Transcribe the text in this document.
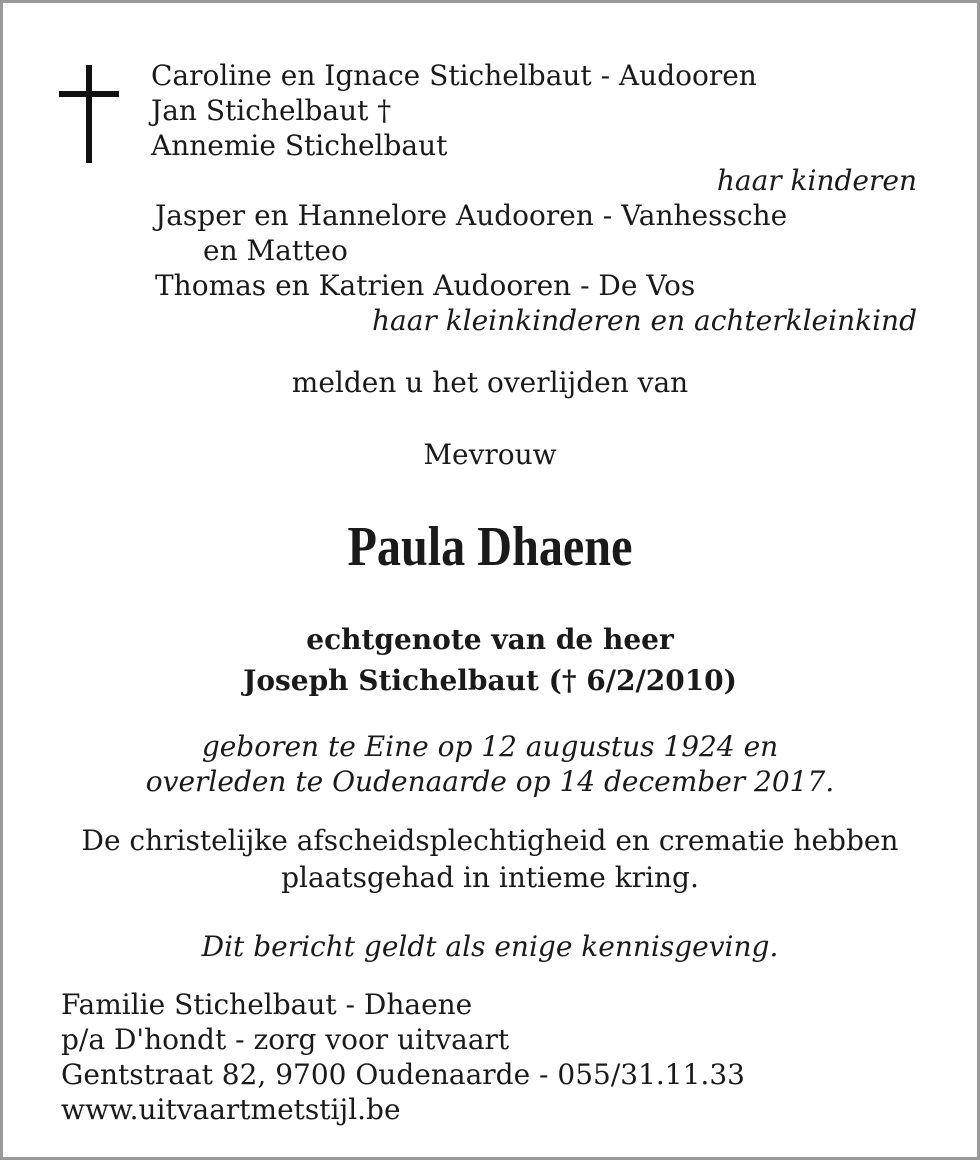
Caroline en Ignace Stichelbaut - Audooren
Jan Stichelbaut †
Annemie Stichelbaut
haar kinderen
Jasper en Hannelore Audooren - Vanhessche
en Matteo
Thomas en Katrien Audooren - De Vos
haar kleinkinderen en achterkleinkind
melden u het overlijden van
Mevrouw
Paula Dhaene
echtgenote van de heer
Joseph Stichelbaut († 6/2/2010)
geboren te Eine op 12 augustus 1924 en
overleden te Oudenaarde op 14 december 2017.
De christelijke afscheidsplechtigheid en crematie hebben
plaatsgehad in intieme kring.
Dit bericht geldt als enige kennisgeving.
Familie Stichelbaut - Dhaene
p/a D'hondt - zorg voor uitvaart
Gentstraat 82, 9700 Oudenaarde - 055/31.11.33
www.uitvaartmetstijl.be
